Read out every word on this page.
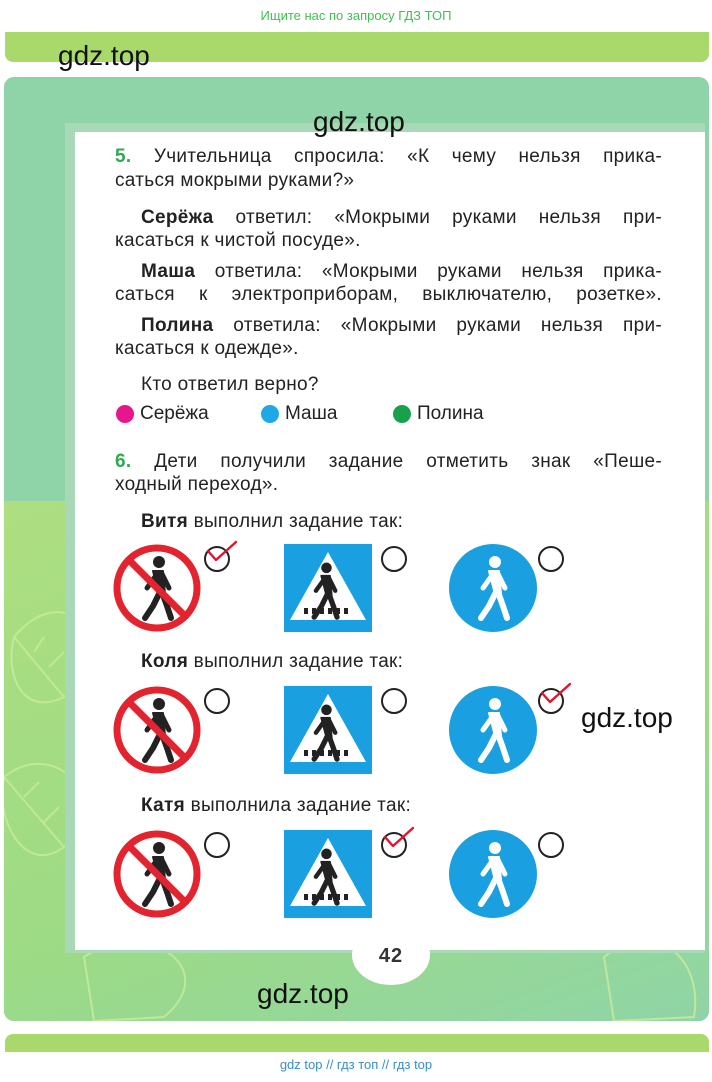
Ищите нас по запросу ГДЗ ТОП
gdz.top
gdz.top
5. Учительница спросила: «К чему нельзя прика-
саться мокрыми руками?»
Серёжа ответил: «Мокрыми руками нельзя при-
касаться к чистой посуде».
Маша ответила: «Мокрыми руками нельзя прика-
саться к электроприборам, выключателю, розетке».
Полина ответила: «Мокрыми руками нельзя при-
касаться к одежде».
Кто ответил верно?
Серёжа	Маша	Полина
6. Дети получили задание отметить знак «Пеше-
ходный переход».
Витя выполнил задание так:
Коля выполнил задание так:
Катя выполнила задание так:
gdz.top
42
gdz.top
gdz top // гдз топ // гдз top
